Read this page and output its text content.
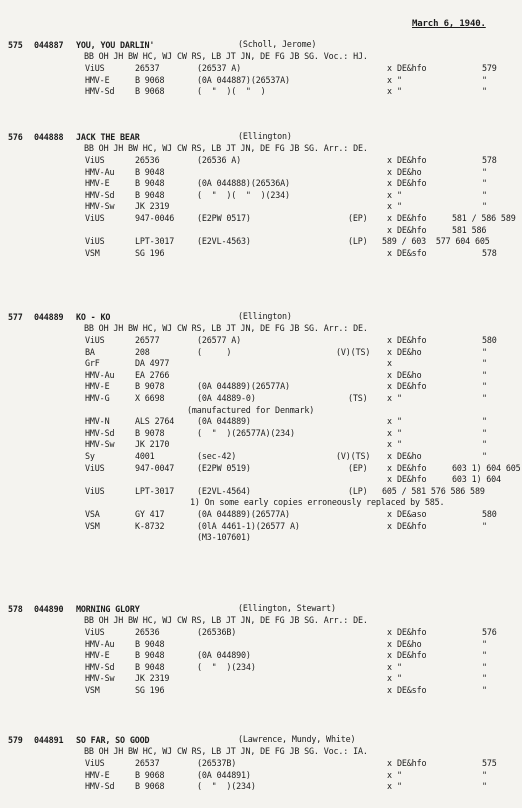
March 6, 1940.
575 044887 YOU, YOU DARLIN'	(Scholl, Jerome)
BB OH JH BW HC, WJ CW RS, LB JT JN, DE FG JB SG. Voc.: HJ.
ViUS	26537	(26537 A)	x DE&hfo	579
HMV-E	B 9068	(0A 044887)(26537A)	x "	"
HMV-Sd B 9068	(  "  )(  "  )	x "	"
576 044888 JACK THE BEAR	(Ellington)
BB OH JH BW HC, WJ CW RS, LB JT JN, DE FG JB SG. Arr.: DE.
ViUS	26536	(26536 A)	x DE&hfo	578
HMV-Au B 9048	x DE&ho	"
HMV-E	B 9048	(0A 044888)(26536A)	x DE&hfo	"
HMV-Sd B 9048	(  "  )(  "  )(234)	x "	"
HMV-Sw JK 2319	x "	"
ViUS	947-0046	(E2PW 0517)	(EP) x DE&hfo	581 / 586 589
x DE&hfo	581 586
ViUS	LPT-3017	(E2VL-4563)	(LP) 589 / 603  577 604 605
VSM	SG 196	x DE&sfo	578
577 044889 KO - KO	(Ellington)
BB OH JH BW HC, WJ CW RS, LB JT JN, DE FG JB SG. Arr.: DE.
ViUS	26577	(26577 A)	x DE&hfo	580
BA	208	(     )	(V)(TS) x DE&ho	"
GrF	DA 4977	x	"
HMV-Au EA 2766	x DE&ho	"
HMV-E	B 9078	(0A 044889)(26577A)	x DE&hfo	"
HMV-G	X 6698	(0A 44889-0)	(TS) x "	"
(manufactured for Denmark)
HMV-N	ALS 2764	(0A 044889)	x "	"
HMV-Sd B 9078	(  "  )(26577A)(234)	x "	"
HMV-Sw JK 2170	x "	"
Sy	4001	(sec-42)	(V)(TS) x DE&ho	"
ViUS	947-0047	(E2PW 0519)	(EP) x DE&hfo	603 1) 604 605
x DE&hfo	603 1) 604
ViUS	LPT-3017	(E2VL-4564)	(LP) 605 / 581 576 586 589
1) On some early copies erroneously replaced by 585.
VSA	GY 417	(0A 044889)(26577A)	x DE&aso	580
VSM	K-8732	(0lA 4461-1)(26577 A)	x DE&hfo	"
(M3-107601)
578 044890 MORNING GLORY	(Ellington, Stewart)
BB OH JH BW HC, WJ CW RS, LB JT JN, DE FG JB SG. Arr.: DE.
ViUS	26536	(26536B)	x DE&hfo	576
HMV-Au B 9048	x DE&ho	"
HMV-E	B 9048	(0A 044890)	x DE&hfo	"
HMV-Sd B 9048	(  "  )(234)	x "	"
HMV-Sw JK 2319	x "	"
VSM	SG 196	x DE&sfo	"
579 044891 SO FAR, SO GOOD	(Lawrence, Mundy, White)
BB OH JH BW HC, WJ CW RS, LB JT JN, DE FG JB SG. Voc.: IA.
ViUS	26537	(26537B)	x DE&hfo	575
HMV-E	B 9068	(0A 044891)	x "	"
HMV-Sd B 9068	(  "  )(234)	x "	"
